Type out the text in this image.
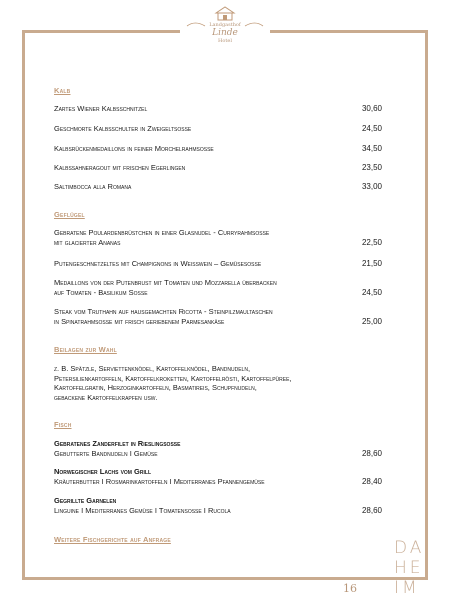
Landgasthof
Linde
Hotel
Kalb
Zartes Wiener Kalbsschnitzel	30,60
Geschmorte Kalbsschulter in Zweigeltsoße	24,50
Kalbsrückenmedaillons in feiner Morchelrahmsoße	34,50
Kalbssahneragout mit frischen Egerlingen	23,50
Saltimbocca alla Romana	33,00
Geflügel
Gebratene Poulardenbrüstchen in einer Glasnudel - Curryrahmsoße
mit glacierter Ananas	22,50
Putengeschnetzeltes mit Champignons in Weißwein – Gemüsesoße	21,50
Medaillons von der Putenbrust mit Tomaten und Mozzarella überbacken
auf Tomaten - Basilikum Soße	24,50
Steak vom Truthahn auf hausgemachten Ricotta - Steinpilzmaultaschen
in Spinatrahmsoße mit frisch geriebenem Parmesankäse	25,00
Beilagen zur Wahl
z. B. Spätzle, Serviettenknödel, Kartoffelknödel, Bandnudeln,
Petersilienkartoffeln, Kartoffelkroketten, Kartoffelrösti, Kartoffelpüree,
Kartoffelgratin, Herzoginkartoffeln, Basmatireis, Schupfnudeln,
gebackene Kartoffelkrapfen usw.
Fisch
Gebratenes Zanderfilet in Rieslingsoße
Gebutterte Bandnudeln I Gemüse	28,60
Norwegischer Lachs vom Grill
Kräuterbutter I Rosmarinkartoffeln I Mediterranes Pfannengemüse	28,40
Gegrillte Garnelen
Linguine I Mediterranes Gemüse I Tomatensoße I Rucola	28,60
Weitere Fischgerichte auf Anfrage	DA
HE
IM
16
